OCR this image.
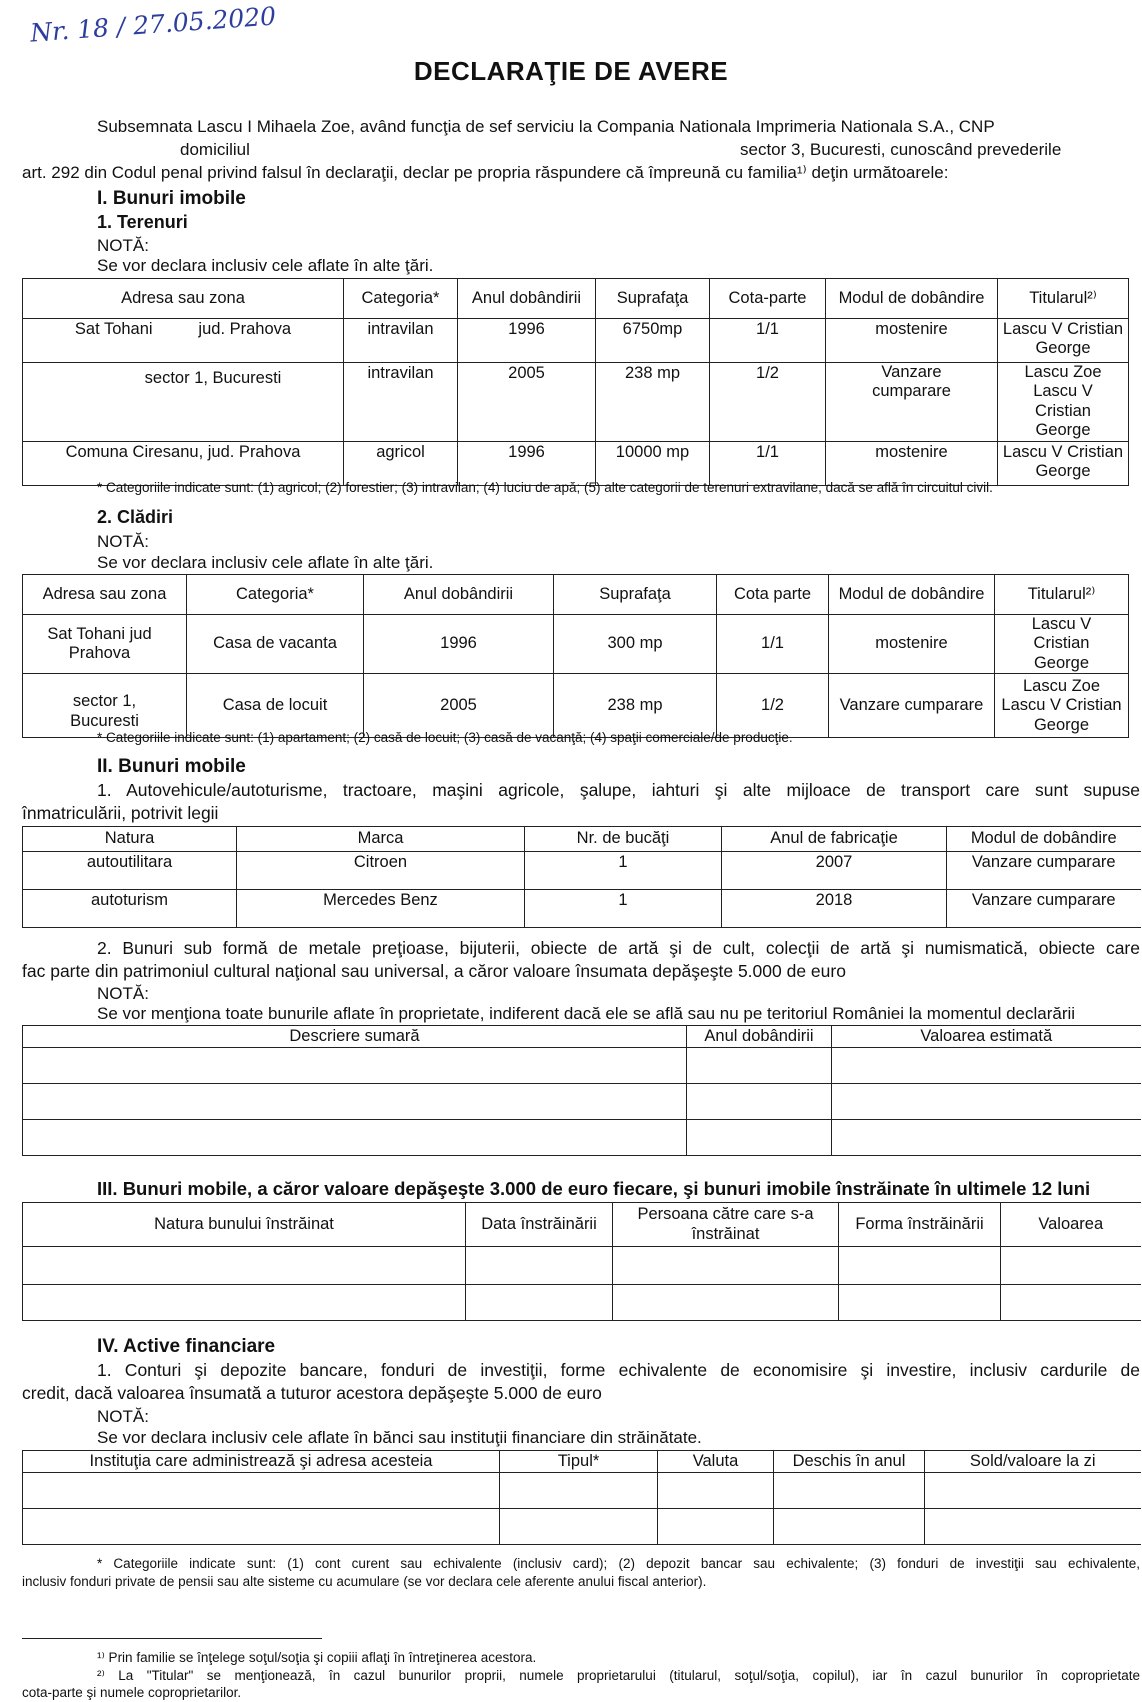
Nr. 18 / 27.05.2020
DECLARAŢIE DE AVERE
Subsemnata Lascu I Mihaela Zoe, având funcţia de sef serviciu la Compania Nationala Imprimeria Nationala S.A., CNP
domiciliul	sector 3, Bucuresti, cunoscând prevederile
art. 292 din Codul penal privind falsul în declaraţii, declar pe propria răspundere că împreună cu familia¹⁾ deţin următoarele:
I. Bunuri imobile
1. Terenuri
NOTĂ:
Se vor declara inclusiv cele aflate în alte ţări.
Adresa sau zona	Categoria*	Anul dobândirii	Suprafaţa	Cota-parte	Modul de dobândire	Titularul²⁾
Sat Tohani          jud. Prahova	intravilan	1996	6750mp	1/1	mostenire	Lascu V Cristian George
sector 1, Bucuresti	intravilan	2005	238 mp	1/2	Vanzare cumparare	Lascu Zoe Lascu V Cristian George
Comuna Ciresanu, jud. Prahova	agricol	1996	10000 mp	1/1	mostenire	Lascu V Cristian George
* Categoriile indicate sunt: (1) agricol; (2) forestier; (3) intravilan; (4) luciu de apă; (5) alte categorii de terenuri extravilane, dacă se află în circuitul civil.
2. Clădiri
NOTĂ:
Se vor declara inclusiv cele aflate în alte ţări.
Adresa sau zona	Categoria*	Anul dobândirii	Suprafaţa	Cota parte	Modul de dobândire	Titularul²⁾
Sat Tohani jud Prahova	Casa de vacanta	1996	300 mp	1/1	mostenire	Lascu V Cristian George
sector 1, Bucuresti	Casa de locuit	2005	238 mp	1/2	Vanzare cumparare	Lascu Zoe Lascu V Cristian George
* Categoriile indicate sunt: (1) apartament; (2) casă de locuit; (3) casă de vacanţă; (4) spaţii comerciale/de producţie.
II. Bunuri mobile
1. Autovehicule/autoturisme, tractoare, maşini agricole, şalupe, iahturi şi alte mijloace de transport care sunt supuse
înmatriculării, potrivit legii
Natura	Marca	Nr. de bucăţi	Anul de fabricaţie	Modul de dobândire
autoutilitara	Citroen	1	2007	Vanzare cumparare
autoturism	Mercedes Benz	1	2018	Vanzare cumparare
2. Bunuri sub formă de metale preţioase, bijuterii, obiecte de artă şi de cult, colecţii de artă şi numismatică, obiecte care
fac parte din patrimoniul cultural naţional sau universal, a căror valoare însumata depăşeşte 5.000 de euro
NOTĂ:
Se vor menţiona toate bunurile aflate în proprietate, indiferent dacă ele se află sau nu pe teritoriul României la momentul declarării
Descriere sumară	Anul dobândirii	Valoarea estimată

III. Bunuri mobile, a căror valoare depăşeşte 3.000 de euro fiecare, şi bunuri imobile înstrăinate în ultimele 12 luni
Natura bunului înstrăinat	Data înstrăinării	Persoana către care s-a înstrăinat	Forma înstrăinării	Valoarea

IV. Active financiare
1. Conturi şi depozite bancare, fonduri de investiţii, forme echivalente de economisire şi investire, inclusiv cardurile de
credit, dacă valoarea însumată a tuturor acestora depăşeşte 5.000 de euro
NOTĂ:
Se vor declara inclusiv cele aflate în bănci sau instituţii financiare din străinătate.
Instituţia care administrează şi adresa acesteia	Tipul*	Valuta	Deschis în anul	Sold/valoare la zi

* Categoriile indicate sunt: (1) cont curent sau echivalente (inclusiv card); (2) depozit bancar sau echivalente; (3) fonduri de investiţii sau echivalente,
inclusiv fonduri private de pensii sau alte sisteme cu acumulare (se vor declara cele aferente anului fiscal anterior).
¹⁾ Prin familie se înţelege soţul/soţia şi copiii aflaţi în întreţinerea acestora.
²⁾ La "Titular" se menţionează, în cazul bunurilor proprii, numele proprietarului (titularul, soţul/soţia, copilul), iar în cazul bunurilor în coproprietate
cota-parte şi numele coproprietarilor.
